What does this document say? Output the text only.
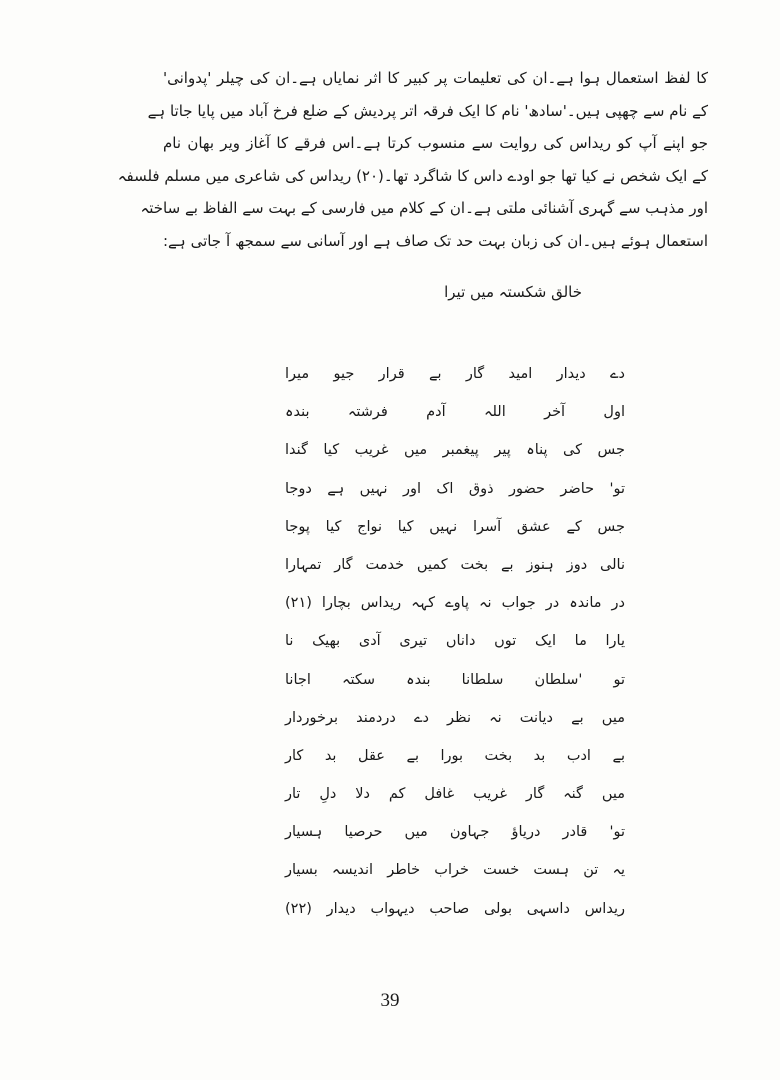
کا لفظ استعمال ہوا ہے۔ان کی تعلیمات پر کبیر کا اثر نمایاں ہے۔ان کی چیلر 'پدوانی'
کے نام سے چھپی ہیں۔'سادھ' نام کا ایک فرقہ اتر پردیش کے ضلع فرخ آباد میں پایا جاتا ہے
جو اپنے آپ کو ریداس کی روایت سے منسوب کرتا ہے۔اس فرقے کا آغاز ویر بھان نام
کے ایک شخص نے کیا تھا جو اودے داس کا شاگرد تھا۔(۲۰) ریداس کی شاعری میں مسلم فلسفہ
اور مذہب سے گہری آشنائی ملتی ہے۔ان کے کلام میں فارسی کے بہت سے الفاظ بے ساختہ
استعمال ہوئے ہیں۔ان کی زبان بہت حد تک صاف ہے اور آسانی سے سمجھ آ جاتی ہے:
خالق شکستہ میں تیرا
دے دیدار امید گار بے قرار جیو میرا
اول آخر اللہ آدم فرشتہ بندہ
جس کی پناہ پیر پیغمبر میں غریب کیا گندا
تو' حاضر حضور ذوق اک اور نہیں ہے دوجا
جس کے عشق آسرا نہیں کیا نواج کیا پوجا
نالی دوز ہنوز بے بخت کمیں خدمت گار تمہارا
در ماندہ در جواب نہ پاوے کہہ ریداس بچارا (۲۱)
یارا ما ایک توں داناں تیری آدی بھیک نا
تو 'سلطان سلطانا بندہ سکتہ اجانا
میں بے دیانت نہ نظر دے دردمند برخوردار
بے ادب بد بخت بورا بے عقل بد کار
میں گنہ گار غریب غافل کم دلا دلِ تار
تو' قادر دریاؤ جہاون میں حرصیا ہسیار
یہ تن ہست خست خراب خاطر اندیسہ بسیار
ریداس داسہی بولی صاحب دیہواب دیدار (۲۲)
39
